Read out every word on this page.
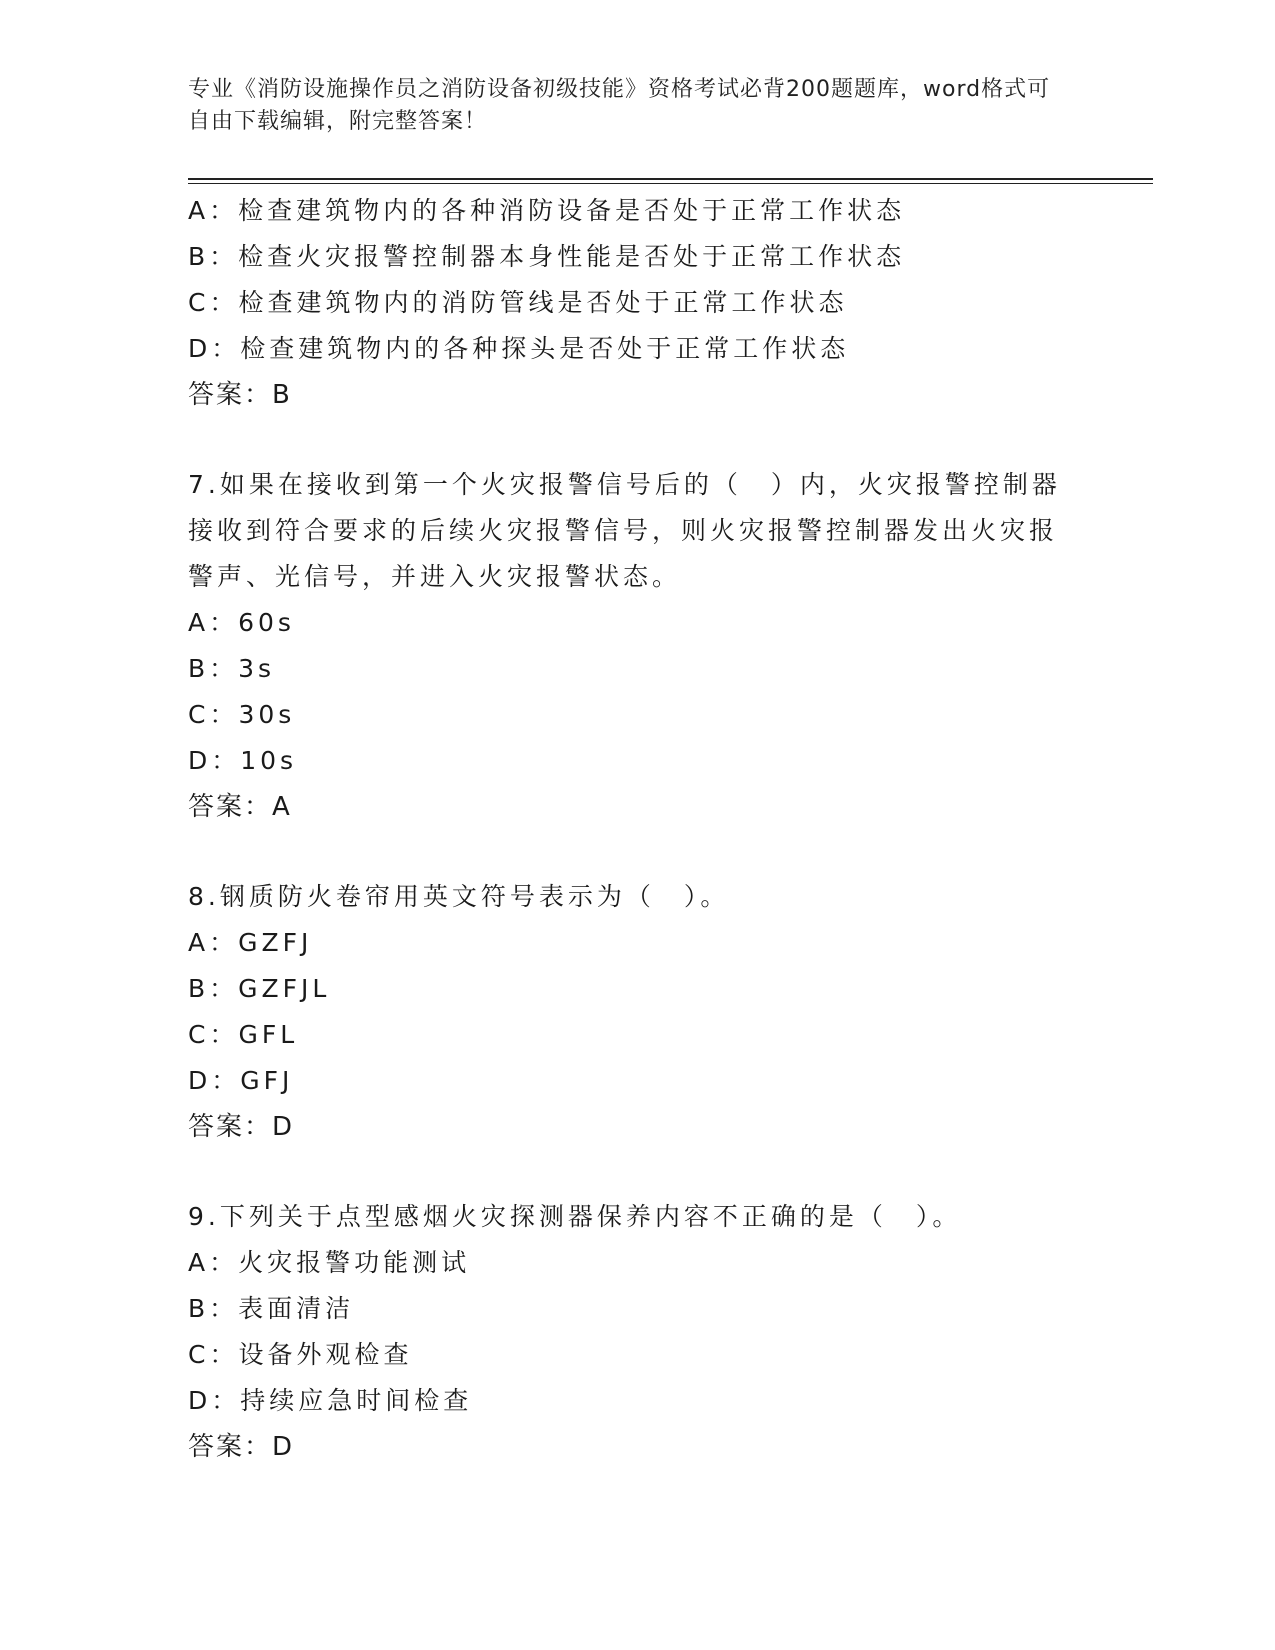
专业《消防设施操作员之消防设备初级技能》资格考试必背200题题库，word格式可自由下载编辑，附完整答案！
A：检查建筑物内的各种消防设备是否处于正常工作状态
B：检查火灾报警控制器本身性能是否处于正常工作状态
C：检查建筑物内的消防管线是否处于正常工作状态
D：检查建筑物内的各种探头是否处于正常工作状态
答案：B
7.如果在接收到第一个火灾报警信号后的（　）内，火灾报警控制器接收到符合要求的后续火灾报警信号，则火灾报警控制器发出火灾报警声、光信号，并进入火灾报警状态。
A：60s
B：3s
C：30s
D：10s
答案：A
8.钢质防火卷帘用英文符号表示为（　）。
A：GZFJ
B：GZFJL
C：GFL
D：GFJ
答案：D
9.下列关于点型感烟火灾探测器保养内容不正确的是（　）。
A：火灾报警功能测试
B：表面清洁
C：设备外观检查
D：持续应急时间检查
答案：D
